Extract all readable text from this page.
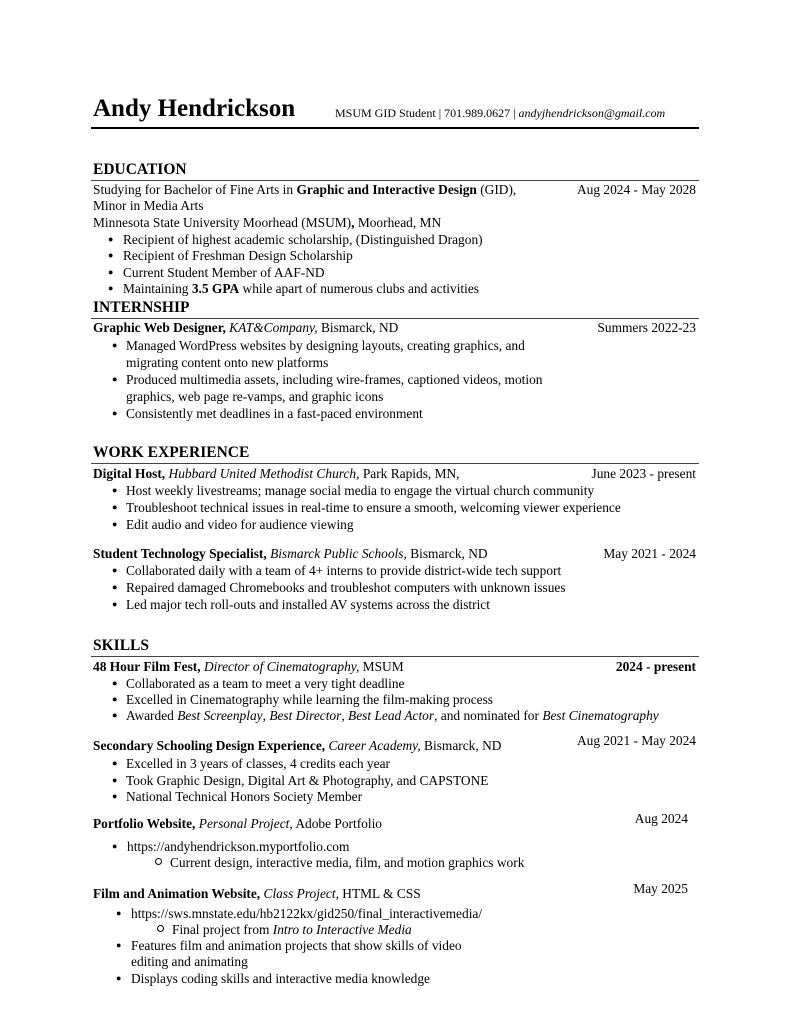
Andy Hendrickson	MSUM GID Student | 701.989.0627 | andyjhendrickson@gmail.com
EDUCATION
Studying for Bachelor of Fine Arts in Graphic and Interactive Design (GID),	Aug 2024 - May 2028
Minor in Media Arts
Minnesota State University Moorhead (MSUM), Moorhead, MN
● Recipient of highest academic scholarship, (Distinguished Dragon)
● Recipient of Freshman Design Scholarship
● Current Student Member of AAF-ND
● Maintaining 3.5 GPA while apart of numerous clubs and activities
INTERNSHIP
Graphic Web Designer, KAT&Company, Bismarck, ND	Summers 2022-23
● Managed WordPress websites by designing layouts, creating graphics, and
migrating content onto new platforms
● Produced multimedia assets, including wire-frames, captioned videos, motion
graphics, web page re-vamps, and graphic icons
● Consistently met deadlines in a fast-paced environment
WORK EXPERIENCE
Digital Host, Hubbard United Methodist Church, Park Rapids, MN,	June 2023 - present
● Host weekly livestreams; manage social media to engage the virtual church community
● Troubleshoot technical issues in real-time to ensure a smooth, welcoming viewer experience
● Edit audio and video for audience viewing
Student Technology Specialist, Bismarck Public Schools, Bismarck, ND	May 2021 - 2024
● Collaborated daily with a team of 4+ interns to provide district-wide tech support
● Repaired damaged Chromebooks and troubleshot computers with unknown issues
● Led major tech roll-outs and installed AV systems across the district
SKILLS
48 Hour Film Fest, Director of Cinematography, MSUM	2024 - present
● Collaborated as a team to meet a very tight deadline
● Excelled in Cinematography while learning the film-making process
● Awarded Best Screenplay, Best Director, Best Lead Actor, and nominated for Best Cinematography
Secondary Schooling Design Experience, Career Academy, Bismarck, ND	Aug 2021 - May 2024
● Excelled in 3 years of classes, 4 credits each year
● Took Graphic Design, Digital Art & Photography, and CAPSTONE
● National Technical Honors Society Member
Portfolio Website, Personal Project, Adobe Portfolio	Aug 2024
● https://andyhendrickson.myportfolio.com
Current design, interactive media, film, and motion graphics work
Film and Animation Website, Class Project, HTML & CSS	May 2025
● https://sws.mnstate.edu/hb2122kx/gid250/final_interactivemedia/
Final project from Intro to Interactive Media
● Features film and animation projects that show skills of video
editing and animating
● Displays coding skills and interactive media knowledge
